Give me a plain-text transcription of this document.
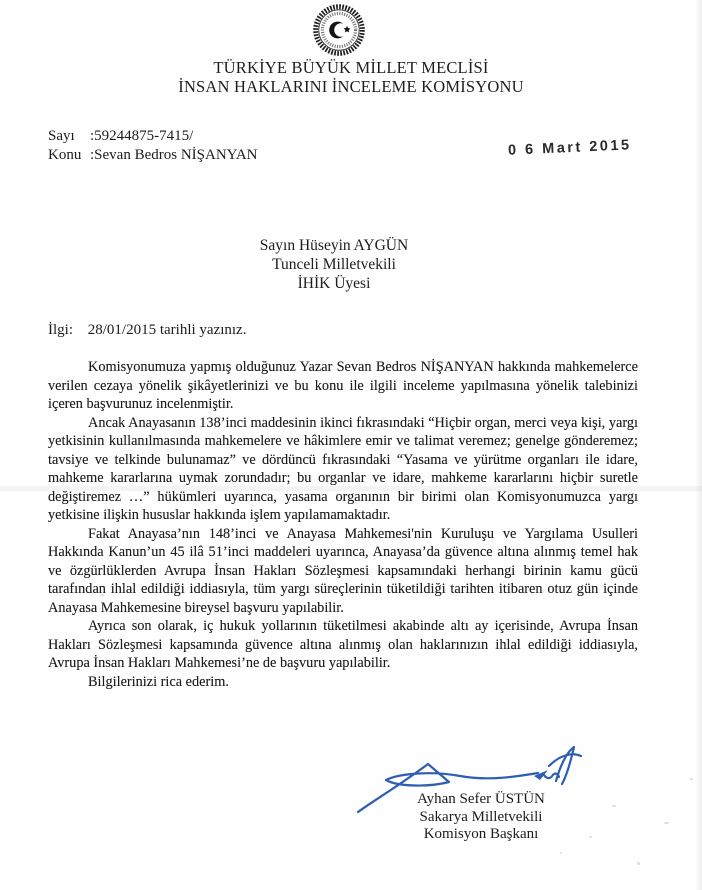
TÜRKİYE BÜYÜK MİLLET MECLİSİ
İNSAN HAKLARINI İNCELEME KOMİSYONU
Sayı :59244875-7415/
Konu :Sevan Bedros NİŞANYAN	0 6 Mart 2015
Sayın Hüseyin AYGÜN
Tunceli Milletvekili
İHİK Üyesi
İlgi: 28/01/2015 tarihli yazınız.

Komisyonumuza yapmış olduğunuz Yazar Sevan Bedros NİŞANYAN hakkında mahkemelerce verilen cezaya yönelik şikâyetlerinizi ve bu konu ile ilgili inceleme yapılmasına yönelik talebinizi içeren başvurunuz incelenmiştir.

Ancak Anayasanın 138’inci maddesinin ikinci fıkrasındaki “Hiçbir organ, merci veya kişi, yargı yetkisinin kullanılmasında mahkemelere ve hâkimlere emir ve talimat veremez; genelge gönderemez; tavsiye ve telkinde bulunamaz” ve dördüncü fıkrasındaki “Yasama ve yürütme organları ile idare, mahkeme kararlarına uymak zorundadır; bu organlar ve idare, mahkeme kararlarını hiçbir suretle değiştiremez …” hükümleri uyarınca, yasama organının bir birimi olan Komisyonumuzca yargı yetkisine ilişkin hususlar hakkında işlem yapılamamaktadır.

Fakat Anayasa’nın 148’inci ve Anayasa Mahkemesi'nin Kuruluşu ve Yargılama Usulleri Hakkında Kanun’un 45 ilâ 51’inci maddeleri uyarınca, Anayasa’da güvence altına alınmış temel hak ve özgürlüklerden Avrupa İnsan Hakları Sözleşmesi kapsamındaki herhangi birinin kamu gücü tarafından ihlal edildiği iddiasıyla, tüm yargı süreçlerinin tüketildiği tarihten itibaren otuz gün içinde Anayasa Mahkemesine bireysel başvuru yapılabilir.

Ayrıca son olarak, iç hukuk yollarının tüketilmesi akabinde altı ay içerisinde, Avrupa İnsan Hakları Sözleşmesi kapsamında güvence altına alınmış olan haklarınızın ihlal edildiği iddiasıyla, Avrupa İnsan Hakları Mahkemesi’ne de başvuru yapılabilir.

Bilgilerinizi rica ederim.

Ayhan Sefer ÜSTÜN
Sakarya Milletvekili
Komisyon Başkanı
